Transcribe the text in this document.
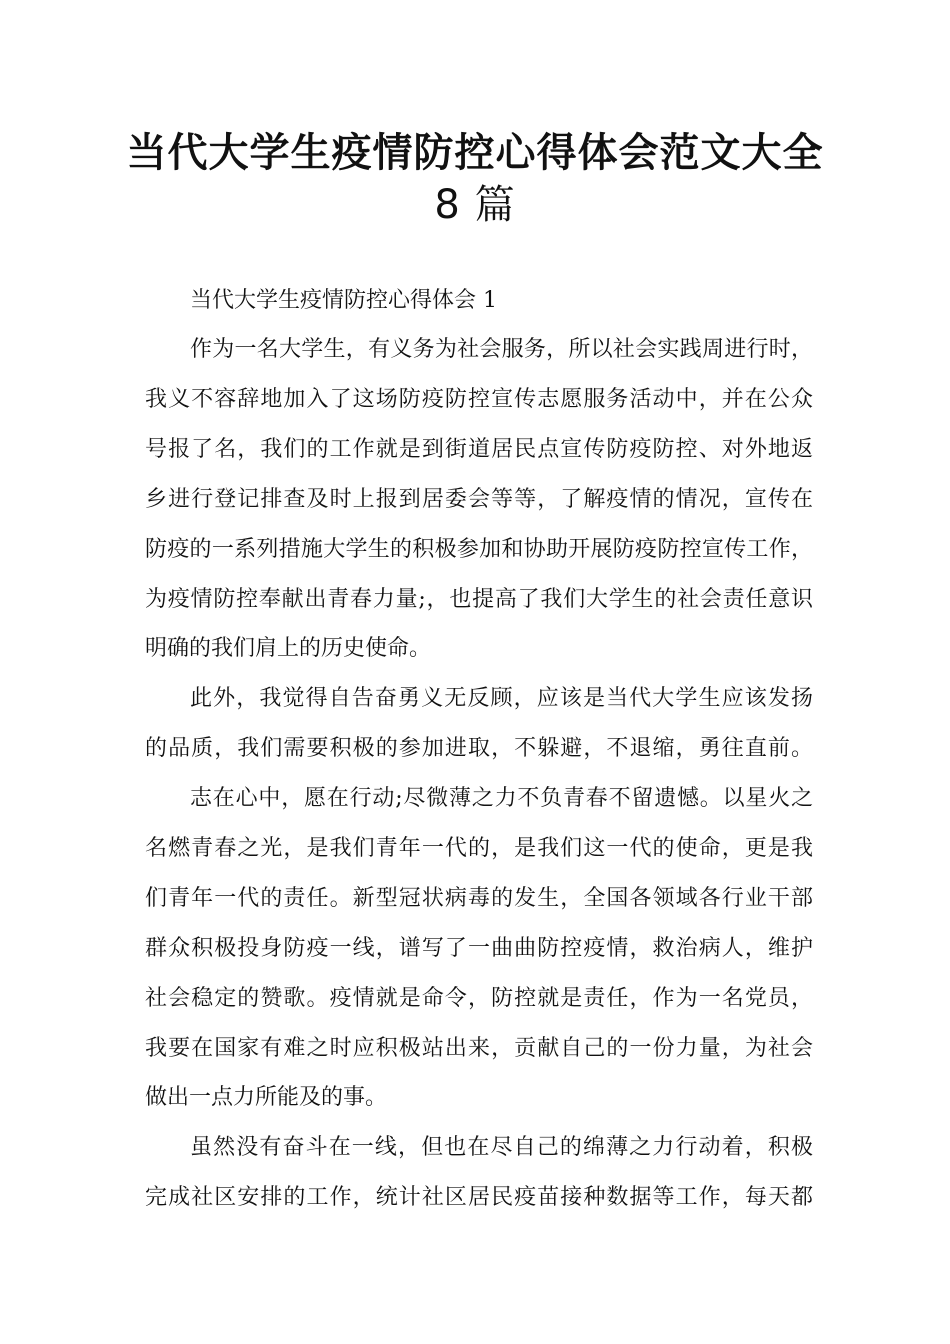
当代大学生疫情防控心得体会范文大全
8 篇
当代大学生疫情防控心得体会 1
作为一名大学生，有义务为社会服务，所以社会实践周进行时，
我义不容辞地加入了这场防疫防控宣传志愿服务活动中，并在公众
号报了名，我们的工作就是到街道居民点宣传防疫防控、对外地返
乡进行登记排查及时上报到居委会等等，了解疫情的情况，宣传在
防疫的一系列措施大学生的积极参加和协助开展防疫防控宣传工作，
为疫情防控奉献出青春力量;，也提高了我们大学生的社会责任意识
明确的我们肩上的历史使命。
此外，我觉得自告奋勇义无反顾，应该是当代大学生应该发扬
的品质，我们需要积极的参加进取，不躲避，不退缩，勇往直前。
志在心中，愿在行动;尽微薄之力不负青春不留遗憾。以星火之
名燃青春之光，是我们青年一代的，是我们这一代的使命，更是我
们青年一代的责任。新型冠状病毒的发生，全国各领域各行业干部
群众积极投身防疫一线，谱写了一曲曲防控疫情，救治病人，维护
社会稳定的赞歌。疫情就是命令，防控就是责任，作为一名党员，
我要在国家有难之时应积极站出来，贡献自己的一份力量，为社会
做出一点力所能及的事。
虽然没有奋斗在一线，但也在尽自己的绵薄之力行动着，积极
完成社区安排的工作，统计社区居民疫苗接种数据等工作，每天都
